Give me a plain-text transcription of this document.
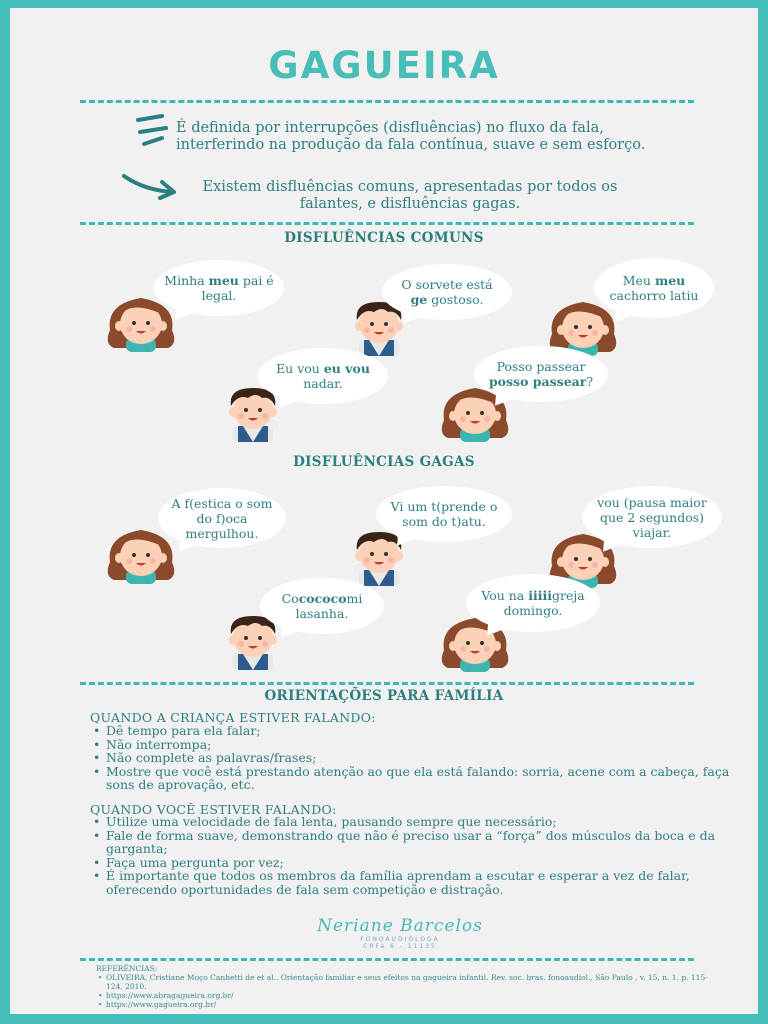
GAGUEIRA
É definida por interrupções (disfluências) no fluxo da fala, interferindo na produção da fala contínua, suave e sem esforço.
Existem disfluências comuns, apresentadas por todos os falantes, e disfluências gagas.
DISFLUÊNCIAS COMUNS
Minha meu pai é legal.
O sorvete está ge gostoso.
Meu meu cachorro latiu
Eu vou eu vou nadar.
Posso passear posso passear?
DISFLUÊNCIAS GAGAS
A f(estica o som do f)oca mergulhou.
Vi um t(prende o som do t)atu.
vou (pausa maior que 2 segundos) viajar.
Cocococomi lasanha.
Vou na iiiiigreja domingo.
ORIENTAÇÕES PARA FAMÍLIA
QUANDO A CRIANÇA ESTIVER FALANDO:
• Dê tempo para ela falar;
• Não interrompa;
• Não complete as palavras/frases;
• Mostre que você está prestando atenção ao que ela está falando: sorria, acene com a cabeça, faça sons de aprovação, etc.
QUANDO VOCÊ ESTIVER FALANDO:
• Utilize uma velocidade de fala lenta, pausando sempre que necessário;
• Fale de forma suave, demonstrando que não é preciso usar a “força” dos músculos da boca e da garganta;
• Faça uma pergunta por vez;
• É importante que todos os membros da família aprendam a escutar e esperar a vez de falar, oferecendo oportunidades de fala sem competição e distração.
Neriane Barcelos
FONOAUDIÓLOGA
CRFa 6 - 11135
REFERÊNCIAS:
• OLIVEIRA, Cristiane Moço Canhetti de et al.. Orientação familiar e seus efeitos na gagueira infantil. Rev. soc. bras. fonoaudiol., São Paulo , v. 15, n. 1, p. 115-124, 2010.
• https://www.abragagueira.org.br/
• https://www.gagueira.org.br/
